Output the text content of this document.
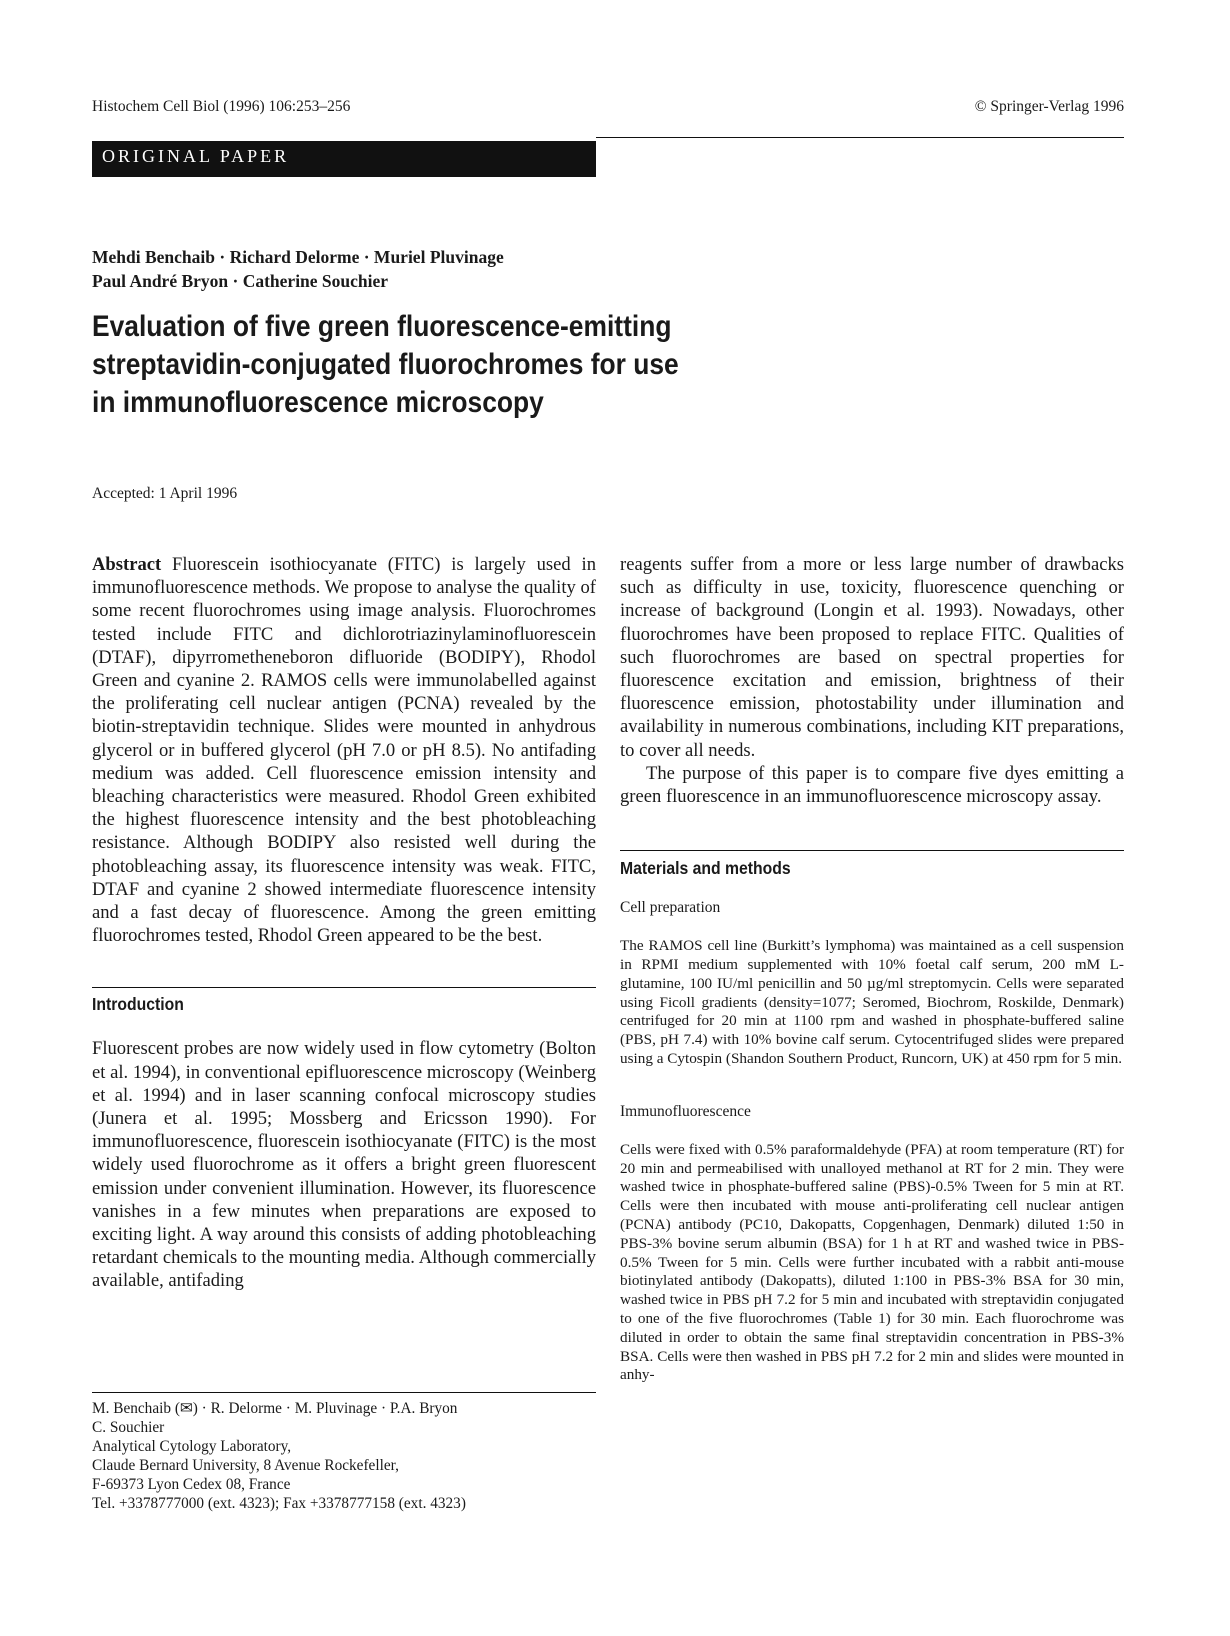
Histochem Cell Biol (1996) 106:253–256	© Springer-Verlag 1996
ORIGINAL PAPER
Mehdi Benchaib · Richard Delorme · Muriel Pluvinage
Paul André Bryon · Catherine Souchier
Evaluation of five green fluorescence-emitting
streptavidin-conjugated fluorochromes for use
in immunofluorescence microscopy
Accepted: 1 April 1996
Abstract Fluorescein isothiocyanate (FITC) is largely used in immunofluorescence methods. We propose to analyse the quality of some recent fluorochromes using image analysis. Fluorochromes tested include FITC and dichlorotriazinylaminofluorescein (DTAF), dipyrrometheneboron difluoride (BODIPY), Rhodol Green and cyanine 2. RAMOS cells were immunolabelled against the proliferating cell nuclear antigen (PCNA) revealed by the biotin-streptavidin technique. Slides were mounted in anhydrous glycerol or in buffered glycerol (pH 7.0 or pH 8.5). No antifading medium was added. Cell fluorescence emission intensity and bleaching characteristics were measured. Rhodol Green exhibited the highest fluorescence intensity and the best photobleaching resistance. Although BODIPY also resisted well during the photobleaching assay, its fluorescence intensity was weak. FITC, DTAF and cyanine 2 showed intermediate fluorescence intensity and a fast decay of fluorescence. Among the green emitting fluorochromes tested, Rhodol Green appeared to be the best.
Introduction
Fluorescent probes are now widely used in flow cytometry (Bolton et al. 1994), in conventional epifluorescence microscopy (Weinberg et al. 1994) and in laser scanning confocal microscopy studies (Junera et al. 1995; Mossberg and Ericsson 1990). For immunofluorescence, fluorescein isothiocyanate (FITC) is the most widely used fluorochrome as it offers a bright green fluorescent emission under convenient illumination. However, its fluorescence vanishes in a few minutes when preparations are exposed to exciting light. A way around this consists of adding photobleaching retardant chemicals to the mounting media. Although commercially available, antifading
M. Benchaib (✉) · R. Delorme · M. Pluvinage · P.A. Bryon
C. Souchier
Analytical Cytology Laboratory,
Claude Bernard University, 8 Avenue Rockefeller,
F-69373 Lyon Cedex 08, France
Tel. +3378777000 (ext. 4323); Fax +3378777158 (ext. 4323)
reagents suffer from a more or less large number of drawbacks such as difficulty in use, toxicity, fluorescence quenching or increase of background (Longin et al. 1993). Nowadays, other fluorochromes have been proposed to replace FITC. Qualities of such fluorochromes are based on spectral properties for fluorescence excitation and emission, brightness of their fluorescence emission, photostability under illumination and availability in numerous combinations, including KIT preparations, to cover all needs.
The purpose of this paper is to compare five dyes emitting a green fluorescence in an immunofluorescence microscopy assay.
Materials and methods
Cell preparation
The RAMOS cell line (Burkitt’s lymphoma) was maintained as a cell suspension in RPMI medium supplemented with 10% foetal calf serum, 200 mM L-glutamine, 100 IU/ml penicillin and 50 µg/ml streptomycin. Cells were separated using Ficoll gradients (density=1077; Seromed, Biochrom, Roskilde, Denmark) centrifuged for 20 min at 1100 rpm and washed in phosphate-buffered saline (PBS, pH 7.4) with 10% bovine calf serum. Cytocentrifuged slides were prepared using a Cytospin (Shandon Southern Product, Runcorn, UK) at 450 rpm for 5 min.
Immunofluorescence
Cells were fixed with 0.5% paraformaldehyde (PFA) at room temperature (RT) for 20 min and permeabilised with unalloyed methanol at RT for 2 min. They were washed twice in phosphate-buffered saline (PBS)-0.5% Tween for 5 min at RT. Cells were then incubated with mouse anti-proliferating cell nuclear antigen (PCNA) antibody (PC10, Dakopatts, Copgenhagen, Denmark) diluted 1:50 in PBS-3% bovine serum albumin (BSA) for 1 h at RT and washed twice in PBS-0.5% Tween for 5 min. Cells were further incubated with a rabbit anti-mouse biotinylated antibody (Dakopatts), diluted 1:100 in PBS-3% BSA for 30 min, washed twice in PBS pH 7.2 for 5 min and incubated with streptavidin conjugated to one of the five fluorochromes (Table 1) for 30 min. Each fluorochrome was diluted in order to obtain the same final streptavidin concentration in PBS-3% BSA. Cells were then washed in PBS pH 7.2 for 2 min and slides were mounted in anhy-
